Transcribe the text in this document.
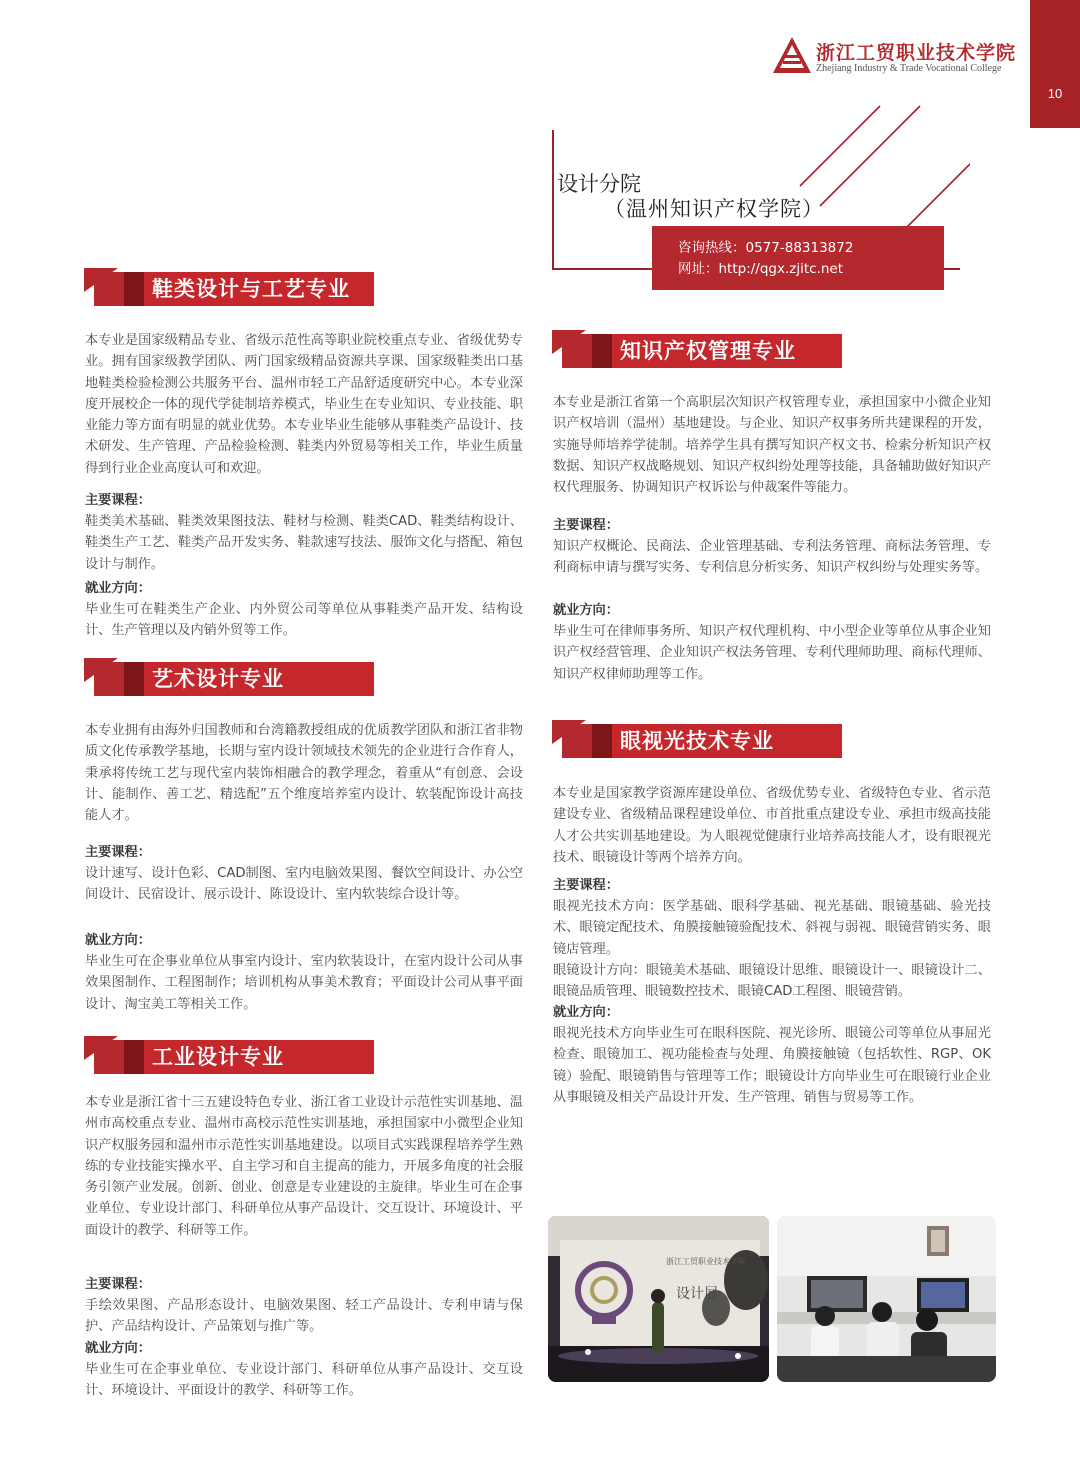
浙江工贸职业技术学院
Zhejiang Industry & Trade Vocational College
10
设计分院
（温州知识产权学院）
咨询热线：0577-88313872
网址：http://qgx.zjitc.net
鞋类设计与工艺专业
本专业是国家级精品专业、省级示范性高等职业院校重点专业、省级优势专业。拥有国家级教学团队、两门国家级精品资源共享课、国家级鞋类出口基地鞋类检验检测公共服务平台、温州市轻工产品舒适度研究中心。本专业深度开展校企一体的现代学徒制培养模式，毕业生在专业知识、专业技能、职业能力等方面有明显的就业优势。本专业毕业生能够从事鞋类产品设计、技术研发、生产管理、产品检验检测、鞋类内外贸易等相关工作，毕业生质量得到行业企业高度认可和欢迎。
主要课程：
鞋类美术基础、鞋类效果图技法、鞋材与检测、鞋类CAD、鞋类结构设计、鞋类生产工艺、鞋类产品开发实务、鞋款速写技法、服饰文化与搭配、箱包设计与制作。
就业方向：
毕业生可在鞋类生产企业、内外贸公司等单位从事鞋类产品开发、结构设计、生产管理以及内销外贸等工作。
艺术设计专业
本专业拥有由海外归国教师和台湾籍教授组成的优质教学团队和浙江省非物质文化传承教学基地，长期与室内设计领域技术领先的企业进行合作育人，秉承将传统工艺与现代室内装饰相融合的教学理念，着重从“有创意、会设计、能制作、善工艺、精选配”五个维度培养室内设计、软装配饰设计高技能人才。
主要课程：
设计速写、设计色彩、CAD制图、室内电脑效果图、餐饮空间设计、办公空间设计、民宿设计、展示设计、陈设设计、室内软装综合设计等。
就业方向：
毕业生可在企事业单位从事室内设计、室内软装设计，在室内设计公司从事效果图制作、工程图制作；培训机构从事美术教育；平面设计公司从事平面设计、淘宝美工等相关工作。
工业设计专业
本专业是浙江省十三五建设特色专业、浙江省工业设计示范性实训基地、温州市高校重点专业、温州市高校示范性实训基地，承担国家中小微型企业知识产权服务园和温州市示范性实训基地建设。以项目式实践课程培养学生熟练的专业技能实操水平、自主学习和自主提高的能力，开展多角度的社会服务引领产业发展。创新、创业、创意是专业建设的主旋律。毕业生可在企事业单位、专业设计部门、科研单位从事产品设计、交互设计、环境设计、平面设计的教学、科研等工作。
主要课程：
手绘效果图、产品形态设计、电脑效果图、轻工产品设计、专利申请与保护、产品结构设计、产品策划与推广等。
就业方向：
毕业生可在企事业单位、专业设计部门、科研单位从事产品设计、交互设计、环境设计、平面设计的教学、科研等工作。
知识产权管理专业
本专业是浙江省第一个高职层次知识产权管理专业，承担国家中小微企业知识产权培训（温州）基地建设。与企业、知识产权事务所共建课程的开发，实施导师培养学徒制。培养学生具有撰写知识产权文书、检索分析知识产权数据、知识产权战略规划、知识产权纠纷处理等技能，具备辅助做好知识产权代理服务、协调知识产权诉讼与仲裁案件等能力。
主要课程：
知识产权概论、民商法、企业管理基础、专利法务管理、商标法务管理、专利商标申请与撰写实务、专利信息分析实务、知识产权纠纷与处理实务等。
就业方向：
毕业生可在律师事务所、知识产权代理机构、中小型企业等单位从事企业知识产权经营管理、企业知识产权法务管理、专利代理师助理、商标代理师、知识产权律师助理等工作。
眼视光技术专业
本专业是国家教学资源库建设单位、省级优势专业、省级特色专业、省示范建设专业、省级精品课程建设单位、市首批重点建设专业、承担市级高技能人才公共实训基地建设。为人眼视觉健康行业培养高技能人才，设有眼视光技术、眼镜设计等两个培养方向。
主要课程：
眼视光技术方向：医学基础、眼科学基础、视光基础、眼镜基础、验光技术、眼镜定配技术、角膜接触镜验配技术、斜视与弱视、眼镜营销实务、眼镜店管理。
眼镜设计方向：眼镜美术基础、眼镜设计思维、眼镜设计一、眼镜设计二、眼镜品质管理、眼镜数控技术、眼镜CAD工程图、眼镜营销。
就业方向：
眼视光技术方向毕业生可在眼科医院、视光诊所、眼镜公司等单位从事屈光检查、眼镜加工、视功能检查与处理、角膜接触镜（包括软性、RGP、OK镜）验配、眼镜销售与管理等工作；眼镜设计方向毕业生可在眼镜行业企业从事眼镜及相关产品设计开发、生产管理、销售与贸易等工作。
浙江工贸职业技术学院
设计展
